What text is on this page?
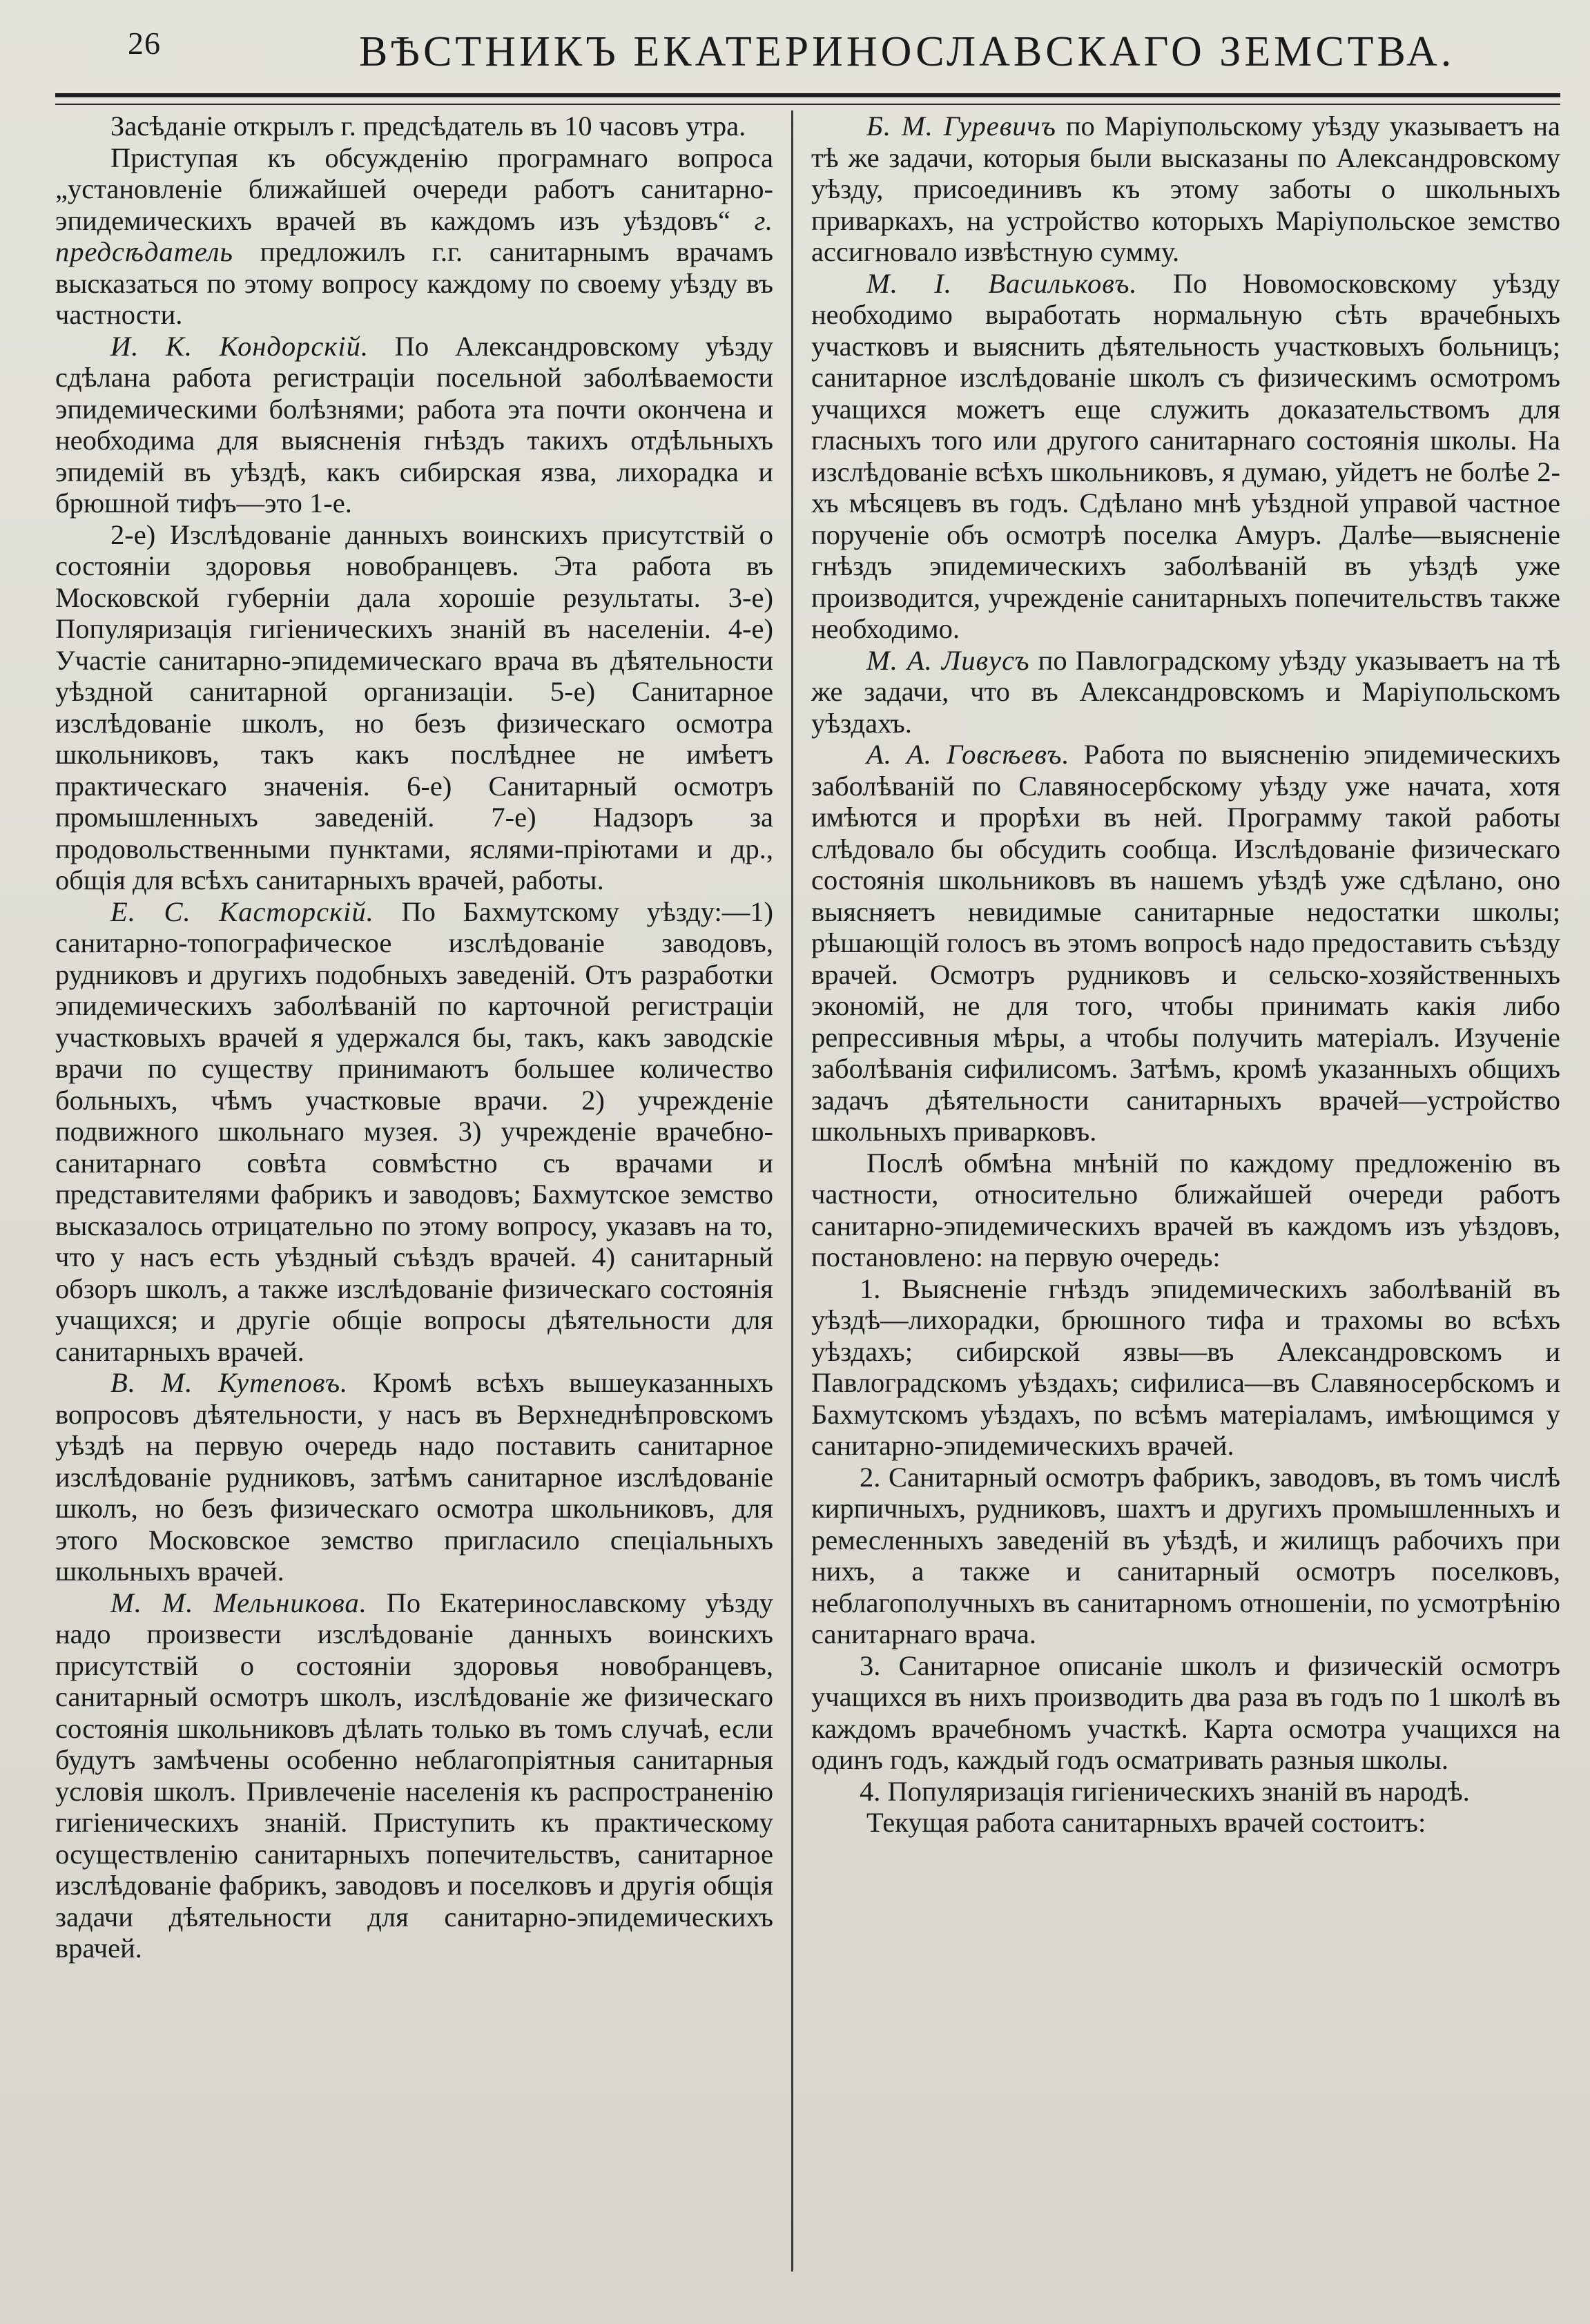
26	ВѢСТНИКЪ ЕКАТЕРИНОСЛАВСКАГО ЗЕМСТВА.

Засѣданіе открылъ г. предсѣдатель въ 10 часовъ утра.

Приступая къ обсужденію програмнаго вопроса „установленіе ближайшей очереди работъ санитарно-эпидемическихъ врачей въ каждомъ изъ уѣздовъ“ г. предсѣдатель предложилъ г.г. санитарнымъ врачамъ высказаться по этому вопросу каждому по своему уѣзду въ частности.

И. К. Кондорскій. По Александровскому уѣзду сдѣлана работа регистраціи посельной заболѣваемости эпидемическими болѣзнями; работа эта почти окончена и необходима для выясненія гнѣздъ такихъ отдѣльныхъ эпидемій въ уѣздѣ, какъ сибирская язва, лихорадка и брюшной тифъ—это 1-е.

2-е) Изслѣдованіе данныхъ воинскихъ присутствій о состояніи здоровья новобранцевъ. Эта работа въ Московской губерніи дала хорошіе результаты. 3-е) Популяризація гигіеническихъ знаній въ населеніи. 4-е) Участіе санитарно-эпидемическаго врача въ дѣятельности уѣздной санитарной организаціи. 5-е) Санитарное изслѣдованіе школъ, но безъ физическаго осмотра школьниковъ, такъ какъ послѣднее не имѣетъ практическаго значенія. 6-е) Санитарный осмотръ промышленныхъ заведеній. 7-е) Надзоръ за продовольственными пунктами, яслями-пріютами и др., общія для всѣхъ санитарныхъ врачей, работы.

Е. С. Касторскій. По Бахмутскому уѣзду:—1) санитарно-топографическое изслѣдованіе заводовъ, рудниковъ и другихъ подобныхъ заведеній. Отъ разработки эпидемическихъ заболѣваній по карточной регистраціи участковыхъ врачей я удержался бы, такъ, какъ заводскіе врачи по существу принимаютъ большее количество больныхъ, чѣмъ участковые врачи. 2) учрежденіе подвижного школьнаго музея. 3) учрежденіе врачебно-санитарнаго совѣта совмѣстно съ врачами и представителями фабрикъ и заводовъ; Бахмутское земство высказалось отрицательно по этому вопросу, указавъ на то, что у насъ есть уѣздный съѣздъ врачей. 4) санитарный обзоръ школъ, а также изслѣдованіе физическаго состоянія учащихся; и другіе общіе вопросы дѣятельности для санитарныхъ врачей.

В. М. Кутеповъ. Кромѣ всѣхъ вышеуказанныхъ вопросовъ дѣятельности, у насъ въ Верхнеднѣпровскомъ уѣздѣ на первую очередь надо поставить санитарное изслѣдованіе рудниковъ, затѣмъ санитарное изслѣдованіе школъ, но безъ физическаго осмотра школьниковъ, для этого Московское земство пригласило спеціальныхъ школьныхъ врачей.

М. М. Мельникова. По Екатеринославскому уѣзду надо произвести изслѣдованіе данныхъ воинскихъ присутствій о состояніи здоровья новобранцевъ, санитарный осмотръ школъ, изслѣдованіе же физическаго состоянія школьниковъ дѣлать только въ томъ случаѣ, если будутъ замѣчены особенно неблагопріятныя санитарныя условія школъ. Привлеченіе населенія къ распространенію гигіеническихъ знаній. Приступить къ практическому осуществленію санитарныхъ попечительствъ, санитарное изслѣдованіе фабрикъ, заводовъ и поселковъ и другія общія задачи дѣятельности для санитарно-эпидемическихъ врачей.

Б. М. Гуревичъ по Маріупольскому уѣзду указываетъ на тѣ же задачи, которыя были высказаны по Александровскому уѣзду, присоединивъ къ этому заботы о школьныхъ приваркахъ, на устройство которыхъ Маріупольское земство ассигновало извѣстную сумму.

М. І. Васильковъ. По Новомосковскому уѣзду необходимо выработать нормальную сѣть врачебныхъ участковъ и выяснить дѣятельность участковыхъ больницъ; санитарное изслѣдованіе школъ съ физическимъ осмотромъ учащихся можетъ еще служить доказательствомъ для гласныхъ того или другого санитарнаго состоянія школы. На изслѣдованіе всѣхъ школьниковъ, я думаю, уйдетъ не болѣе 2-хъ мѣсяцевъ въ годъ. Сдѣлано мнѣ уѣздной управой частное порученіе объ осмотрѣ поселка Амуръ. Далѣе—выясненіе гнѣздъ эпидемическихъ заболѣваній въ уѣздѣ уже производится, учрежденіе санитарныхъ попечительствъ также необходимо.

М. А. Ливусъ по Павлоградскому уѣзду указываетъ на тѣ же задачи, что въ Александровскомъ и Маріупольскомъ уѣздахъ.

А. А. Говсѣевъ. Работа по выясненію эпидемическихъ заболѣваній по Славяносербскому уѣзду уже начата, хотя имѣются и прорѣхи въ ней. Программу такой работы слѣдовало бы обсудить сообща. Изслѣдованіе физическаго состоянія школьниковъ въ нашемъ уѣздѣ уже сдѣлано, оно выясняетъ невидимые санитарные недостатки школы; рѣшающій голосъ въ этомъ вопросѣ надо предоставить съѣзду врачей. Осмотръ рудниковъ и сельско-хозяйственныхъ экономій, не для того, чтобы принимать какія либо репрессивныя мѣры, а чтобы получить матеріалъ. Изученіе заболѣванія сифилисомъ. Затѣмъ, кромѣ указанныхъ общихъ задачъ дѣятельности санитарныхъ врачей—устройство школьныхъ приварковъ.

Послѣ обмѣна мнѣній по каждому предложенію въ частности, относительно ближайшей очереди работъ санитарно-эпидемическихъ врачей въ каждомъ изъ уѣздовъ, постановлено: на первую очередь:

1. Выясненіе гнѣздъ эпидемическихъ заболѣваній въ уѣздѣ—лихорадки, брюшного тифа и трахомы во всѣхъ уѣздахъ; сибирской язвы—въ Александровскомъ и Павлоградскомъ уѣздахъ; сифилиса—въ Славяносербскомъ и Бахмутскомъ уѣздахъ, по всѣмъ матеріаламъ, имѣющимся у санитарно-эпидемическихъ врачей.

2. Санитарный осмотръ фабрикъ, заводовъ, въ томъ числѣ кирпичныхъ, рудниковъ, шахтъ и другихъ промышленныхъ и ремесленныхъ заведеній въ уѣздѣ, и жилищъ рабочихъ при нихъ, а также и санитарный осмотръ поселковъ, неблагополучныхъ въ санитарномъ отношеніи, по усмотрѣнію санитарнаго врача.

3. Санитарное описаніе школъ и физическій осмотръ учащихся въ нихъ производить два раза въ годъ по 1 школѣ въ каждомъ врачебномъ участкѣ. Карта осмотра учащихся на одинъ годъ, каждый годъ осматривать разныя школы.

4. Популяризація гигіеническихъ знаній въ народѣ.

Текущая работа санитарныхъ врачей состоитъ:
